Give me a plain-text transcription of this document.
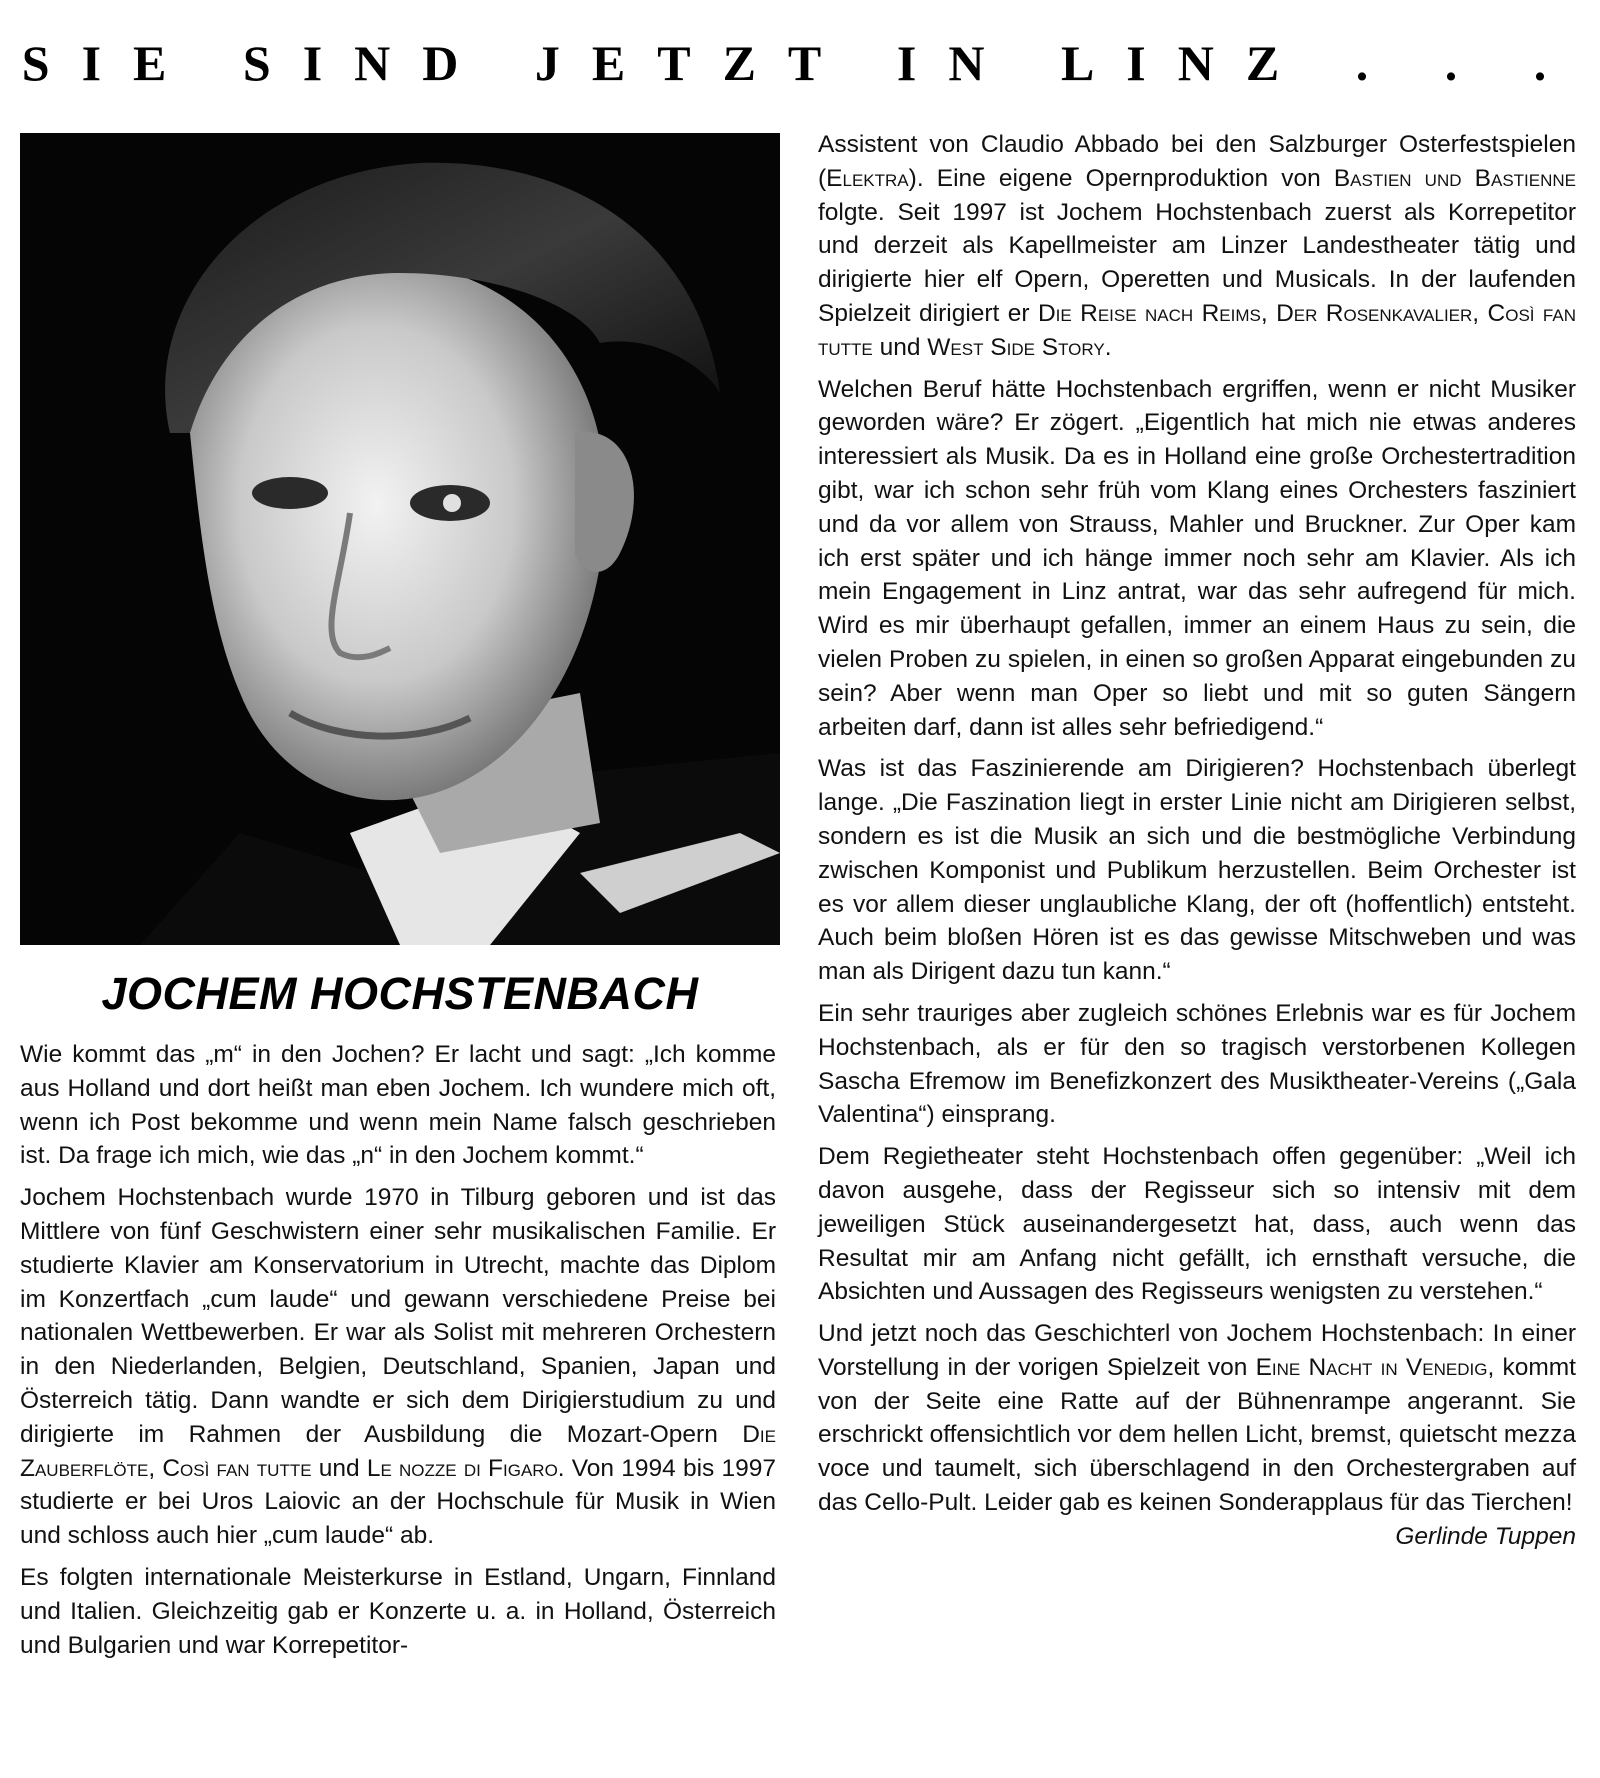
SIE SIND JETZT IN LINZ . . .
JOCHEM HOCHSTENBACH

Wie kommt das „m“ in den Jochen? Er lacht und sagt: „Ich komme aus Holland und dort heißt man eben Jochem. Ich wundere mich oft, wenn ich Post bekomme und wenn mein Name falsch geschrieben ist. Da frage ich mich, wie das „n“ in den Jochem kommt.“

Jochem Hochstenbach wurde 1970 in Tilburg geboren und ist das Mittlere von fünf Geschwistern einer sehr musikalischen Familie. Er studierte Klavier am Konservatorium in Utrecht, machte das Diplom im Konzertfach „cum laude“ und gewann verschiedene Preise bei nationalen Wettbewerben. Er war als Solist mit mehreren Orchestern in den Niederlanden, Belgien, Deutschland, Spanien, Japan und Österreich tätig. Dann wandte er sich dem Dirigierstudium zu und dirigierte im Rahmen der Ausbildung die Mozart-Opern Die Zauberflöte, Così fan tutte und Le nozze di Figaro. Von 1994 bis 1997 studierte er bei Uros Laiovic an der Hochschule für Musik in Wien und schloss auch hier „cum laude“ ab.

Es folgten internationale Meisterkurse in Estland, Ungarn, Finnland und Italien. Gleichzeitig gab er Konzerte u. a. in Holland, Österreich und Bulgarien und war Korrepetitor-

Assistent von Claudio Abbado bei den Salzburger Osterfestspielen (Elektra). Eine eigene Opernproduktion von Bastien und Bastienne folgte. Seit 1997 ist Jochem Hochstenbach zuerst als Korrepetitor und derzeit als Kapellmeister am Linzer Landestheater tätig und dirigierte hier elf Opern, Operetten und Musicals. In der laufenden Spielzeit dirigiert er Die Reise nach Reims, Der Rosenkavalier, Così fan tutte und West Side Story.

Welchen Beruf hätte Hochstenbach ergriffen, wenn er nicht Musiker geworden wäre? Er zögert. „Eigentlich hat mich nie etwas anderes interessiert als Musik. Da es in Holland eine große Orchestertradition gibt, war ich schon sehr früh vom Klang eines Orchesters fasziniert und da vor allem von Strauss, Mahler und Bruckner. Zur Oper kam ich erst später und ich hänge immer noch sehr am Klavier. Als ich mein Engagement in Linz antrat, war das sehr aufregend für mich. Wird es mir überhaupt gefallen, immer an einem Haus zu sein, die vielen Proben zu spielen, in einen so großen Apparat eingebunden zu sein? Aber wenn man Oper so liebt und mit so guten Sängern arbeiten darf, dann ist alles sehr befriedigend.“

Was ist das Faszinierende am Dirigieren? Hochstenbach überlegt lange. „Die Faszination liegt in erster Linie nicht am Dirigieren selbst, sondern es ist die Musik an sich und die bestmögliche Verbindung zwischen Komponist und Publikum herzustellen. Beim Orchester ist es vor allem dieser unglaubliche Klang, der oft (hoffentlich) entsteht. Auch beim bloßen Hören ist es das gewisse Mitschweben und was man als Dirigent dazu tun kann.“

Ein sehr trauriges aber zugleich schönes Erlebnis war es für Jochem Hochstenbach, als er für den so tragisch verstorbenen Kollegen Sascha Efremow im Benefizkonzert des Musiktheater-Vereins („Gala Valentina“) einsprang.

Dem Regietheater steht Hochstenbach offen gegenüber: „Weil ich davon ausgehe, dass der Regisseur sich so intensiv mit dem jeweiligen Stück auseinandergesetzt hat, dass, auch wenn das Resultat mir am Anfang nicht gefällt, ich ernsthaft versuche, die Absichten und Aussagen des Regisseurs wenigsten zu verstehen.“

Und jetzt noch das Geschichterl von Jochem Hochstenbach: In einer Vorstellung in der vorigen Spielzeit von Eine Nacht in Venedig, kommt von der Seite eine Ratte auf der Bühnenrampe angerannt. Sie erschrickt offensichtlich vor dem hellen Licht, bremst, quietscht mezza voce und taumelt, sich überschlagend in den Orchestergraben auf das Cello-Pult. Leider gab es keinen Sonderapplaus für das Tierchen!
Gerlinde Tuppen
